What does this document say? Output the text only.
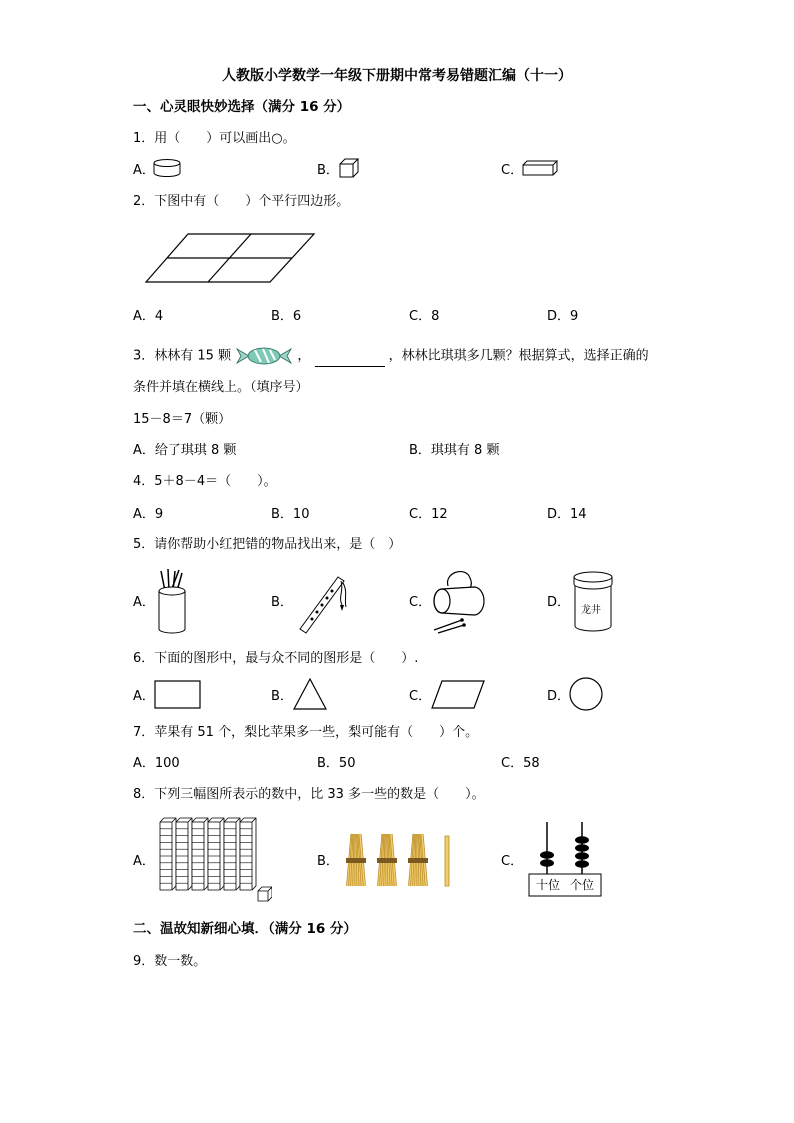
人教版小学数学一年级下册期中常考易错题汇编（十一）
一、心灵眼快妙选择（满分 16 分）
1．用（　　）可以画出○。
A．	B．	C．
2．下图中有（　　）个平行四边形。
A．4	B．6	C．8	D．9
3．林林有 15 颗	，	，林林比琪琪多几颗？根据算式，选择正确的
条件并填在横线上。（填序号）
15－8＝7（颗）
A．给了琪琪 8 颗	B．琪琪有 8 颗
4．5＋8－4＝（　　）。
A．9	B．10	C．12	D．14
5．请你帮助小红把错的物品找出来，是（　）
A．	B．	C．	D．
龙井
6．下面的图形中，最与众不同的图形是（　　）.
A．	B．	C．	D．
7．苹果有 51 个，梨比苹果多一些，梨可能有（　　）个。
A．100	B．50	C．58
8．下列三幅图所表示的数中，比 33 多一些的数是（　　）。
A．	B．	C．
十位 个位
二、温故知新细心填．（满分 16 分）
9．数一数。
